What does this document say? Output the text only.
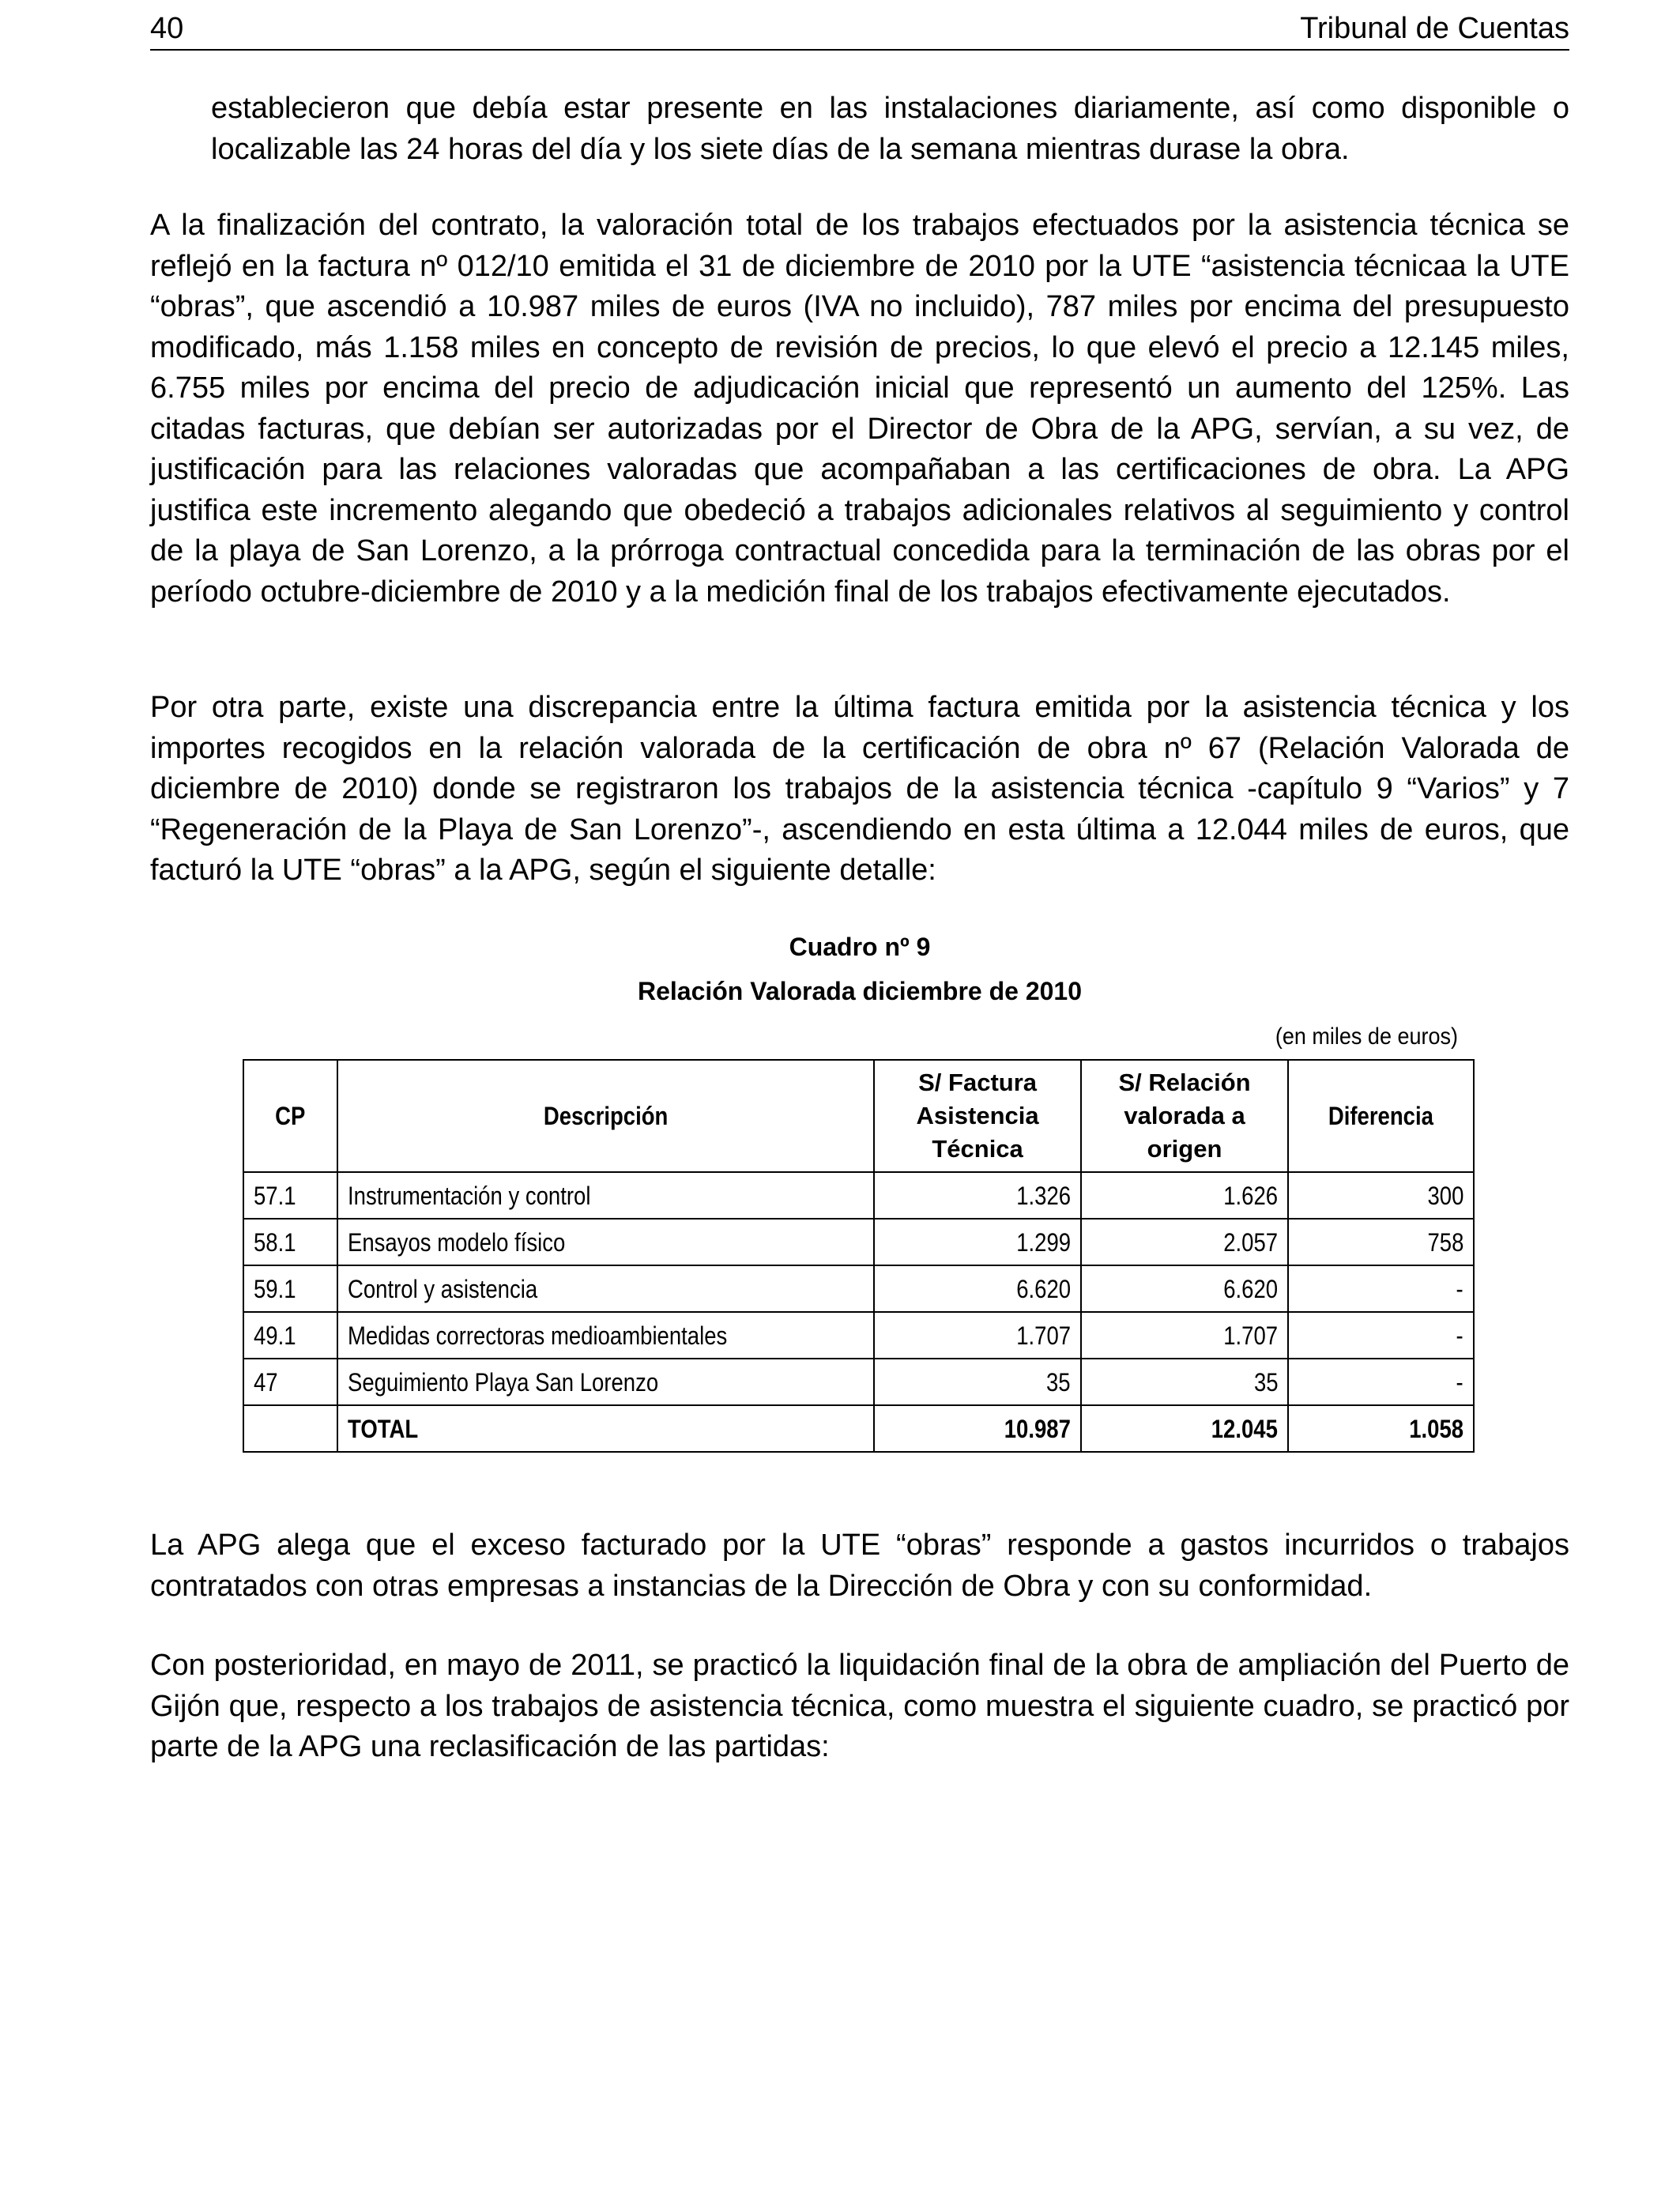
40	Tribunal de Cuentas

establecieron que debía estar presente en las instalaciones diariamente, así como disponible o localizable las 24 horas del día y los siete días de la semana mientras durase la obra.

A la finalización del contrato, la valoración total de los trabajos efectuados por la asistencia técnica se reflejó en la factura nº 012/10 emitida el 31 de diciembre de 2010 por la UTE “asistencia técnicaa la UTE “obras”, que ascendió a 10.987 miles de euros (IVA no incluido), 787 miles por encima del presupuesto modificado, más 1.158 miles en concepto de revisión de precios, lo que elevó el precio a 12.145 miles, 6.755 miles por encima del precio de adjudicación inicial que representó un aumento del 125%. Las citadas facturas, que debían ser autorizadas por el Director de Obra de la APG, servían, a su vez, de justificación para las relaciones valoradas que acompañaban a las certificaciones de obra. La APG justifica este incremento alegando que obedeció a trabajos adicionales relativos al seguimiento y control de la playa de San Lorenzo, a la prórroga contractual concedida para la terminación de las obras por el período octubre-diciembre de 2010 y a la medición final de los trabajos efectivamente ejecutados.

Por otra parte, existe una discrepancia entre la última factura emitida por la asistencia técnica y los importes recogidos en la relación valorada de la certificación de obra nº 67 (Relación Valorada de diciembre de 2010) donde se registraron los trabajos de la asistencia técnica -capítulo 9 “Varios” y 7 “Regeneración de la Playa de San Lorenzo”-, ascendiendo en esta última a 12.044 miles de euros, que facturó la UTE “obras” a la APG, según el siguiente detalle:

Cuadro nº 9
Relación Valorada diciembre de 2010
(en miles de euros)
CP	Descripción	S/ Factura Asistencia Técnica	S/ Relación valorada a origen	Diferencia
57.1	Instrumentación y control	1.326	1.626	300
58.1	Ensayos modelo físico	1.299	2.057	758
59.1	Control y asistencia	6.620	6.620	-
49.1	Medidas correctoras medioambientales	1.707	1.707	-
47	Seguimiento Playa San Lorenzo	35	35	-
	TOTAL	10.987	12.045	1.058

La APG alega que el exceso facturado por la UTE “obras” responde a gastos incurridos o trabajos contratados con otras empresas a instancias de la Dirección de Obra y con su conformidad.

Con posterioridad, en mayo de 2011, se practicó la liquidación final de la obra de ampliación del Puerto de Gijón que, respecto a los trabajos de asistencia técnica, como muestra el siguiente cuadro, se practicó por parte de la APG una reclasificación de las partidas:
